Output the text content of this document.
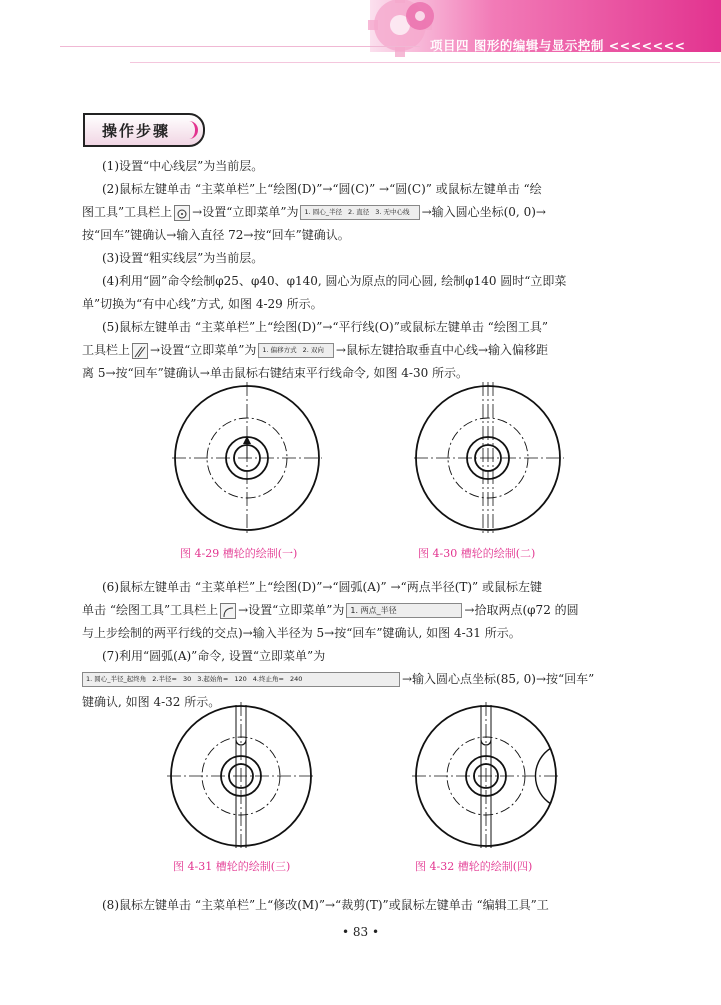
项目四 图形的编辑与显示控制 <<<<<<<
操作步骤
(1)设置“中心线层”为当前层。
(2)鼠标左键单击 “主菜单栏”上“绘图(D)”→“圆(C)” →“圆(C)” 或鼠标左键单击 “绘
图工具”工具栏上 →设置“立即菜单”为 1. 圆心_半径 2. 直径 3. 无中心线 →输入圆心坐标(0, 0)→
按“回车”键确认→输入直径 72→按“回车”键确认。
(3)设置“粗实线层”为当前层。
(4)利用“圆”命令绘制φ25、φ40、φ140, 圆心为原点的同心圆, 绘制φ140 圆时“立即菜
单”切换为“有中心线”方式, 如图 4-29 所示。
(5)鼠标左键单击 “主菜单栏”上“绘图(D)”→“平行线(O)”或鼠标左键单击 “绘图工具”
工具栏上 →设置“立即菜单”为 1. 偏移方式 2. 双向 →鼠标左键拾取垂直中心线→输入偏移距
离 5→按“回车”键确认→单击鼠标右键结束平行线命令, 如图 4-30 所示。
图 4-29 槽轮的绘制(一)	图 4-30 槽轮的绘制(二)
(6)鼠标左键单击 “主菜单栏”上“绘图(D)”→“圆弧(A)” →“两点半径(T)” 或鼠标左键
单击 “绘图工具”工具栏上 →设置“立即菜单”为 1. 两点_半径	→拾取两点(φ72 的圆
与上步绘制的两平行线的交点)→输入半径为 5→按“回车”键确认, 如图 4-31 所示。
(7)利用“圆弧(A)”命令, 设置“立即菜单”为
1. 圆心_半径_起终角 2.半径= 30 3.起始角= 120 4.终止角= 240	→输入圆心点坐标(85, 0)→按“回车”
键确认, 如图 4-32 所示。
图 4-31 槽轮的绘制(三)	图 4-32 槽轮的绘制(四)
(8)鼠标左键单击 “主菜单栏”上“修改(M)”→“裁剪(T)”或鼠标左键单击 “编辑工具”工
• 83 •
